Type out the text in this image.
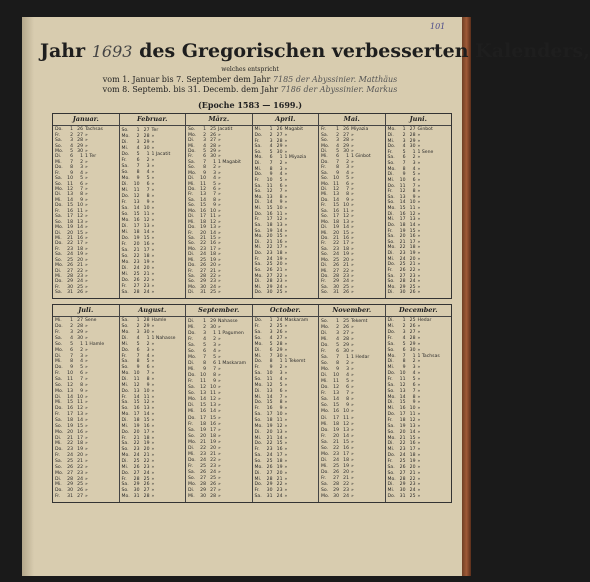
101
Jahr 1693 des Gregorischen verbesserten Kalenders,
welches entspricht
vom 1. Januar bis 7. September dem Jahr 7185 der Abyssinier. Matthäus
vom 8. Septemb. bis 31. Decemb. dem Jahr 7186 der Abyssinier. Markus
(Epoche 1583 — 1699.)
Januar.
Do.	1 26 Tachsas
Fr.	2 27 »
Sa.	3 28 »
So.	4 29 »
Mo.	5 30 »
Di.	6	1 1 Ter
Mi.	7	2 »
Do.	8	3 »
Fr.	9	4 »
Sa.	10	5 »
So.	11	6 »
Mo. 12	7 »
Di.	13	8 »
Mi.	14	9 »
Do. 15 10 »
Fr.	16 11 »
Sa.	17 12 »
So.	18 13 »
Mo. 19 14 »
Di.	20 15 »
Mi.	21 16 »
Do. 22 17 »
Fr.	23 18 »
Sa.	24 19 »
So.	25 20 »
Mo. 26 21 »
Di.	27 22 »
Mi.	28 23 »
Do. 29 24 »
Fr.	30 25 »
Sa.	31 26 »
Februar.
So.	1 27 Ter
Mo.	2 28 »
Di.	3 29 »
Mi.	4 30 »
Do.	5	1 1 Jacatit
Fr.	6	2 »
Sa.	7	3 »
So.	8	4 »
Mo.	9	5 »
Di.	10	6 »
Mi.	11	7 »
Do. 12	8 »
Fr.	13	9 »
Sa.	14 10 »
So.	15 11 »
Mo. 16 12 »
Di.	17 13 »
Mi.	18 14 »
Do. 19 15 »
Fr.	20 16 »
Sa.	21 17 »
So.	22 18 »
Mo. 23 19 »
Di.	24 20 »
Mi.	25 21 »
Do. 26 22 »
Fr.	27 23 »
Sa.	28 24 »
März.
So.	1 25 Jacatit
Mo.	2 26 »
Di.	3 27 »
Mi.	4 28 »
Do.	5 29 »
Fr.	6 30 »
Sa.	7	1 1 Magabit
So.	8	2 »
Mo.	9	3 »
Di.	10	4 »
Mi.	11	5 »
Do. 12	6 »
Fr.	13	7 »
Sa.	14	8 »
So.	15	9 »
Mo. 16 10 »
Di.	17 11 »
Mi.	18 12 »
Do. 19 13 »
Fr.	20 14 »
Sa.	21 15 »
So.	22 16 »
Mo. 23 17 »
Di.	24 18 »
Mi.	25 19 »
Do. 26 20 »
Fr.	27 21 »
Sa.	28 22 »
So.	29 23 »
Mo. 30 24 »
Di.	31 25 »
April.
Mi.	1 26 Magabit
Do.	2 27 »
Fr.	3 28 »
Sa.	4 29 »
So.	5 30 »
Mo.	6	1 1 Miyazia
Di.	7	2 »
Mi.	8	3 »
Do.	9	4 »
Fr.	10	5 »
Sa.	11	6 »
So.	12	7 »
Mo. 13	8 »
Di.	14	9 »
Mi.	15 10 »
Do. 16 11 »
Fr.	17 12 »
Sa.	18 13 »
So.	19 14 »
Mo. 20 15 »
Di.	21 16 »
Mi.	22 17 »
Do. 23 18 »
Fr.	24 19 »
Sa.	25 20 »
So.	26 21 »
Mo. 27 22 »
Di.	28 23 »
Mi.	29 24 »
Do. 30 25 »
Mai.
Fr.	1 26 Miyazia
Sa.	2 27 »
So.	3 28 »
Mo.	4 29 »
Di.	5 30 »
Mi.	6	1 1 Ginbot
Do.	7	2 »
Fr.	8	3 »
Sa.	9	4 »
So.	10	5 »
Mo. 11	6 »
Di.	12	7 »
Mi.	13	8 »
Do. 14	9 »
Fr.	15 10 »
Sa.	16 11 »
So.	17 12 »
Mo. 18 13 »
Di.	19 14 »
Mi.	20 15 »
Do. 21 16 »
Fr.	22 17 »
Sa.	23 18 »
So.	24 19 »
Mo. 25 20 »
Di.	26 21 »
Mi.	27 22 »
Do. 28 23 »
Fr.	29 24 »
Sa.	30 25 »
So.	31 26 »
Juni.
Mo.	1 27 Ginbot
Di.	2 28 »
Mi.	3 29 »
Do.	4 30 »
Fr.	5	1 1 Sene
Sa.	6	2 »
So.	7	3 »
Mo.	8	4 »
Di.	9	5 »
Mi.	10	6 »
Do. 11	7 »
Fr.	12	8 »
Sa.	13	9 »
So.	14 10 »
Mo. 15 11 »
Di.	16 12 »
Mi.	17 13 »
Do. 18 14 »
Fr.	19 15 »
Sa.	20 16 »
So.	21 17 »
Mo. 22 18 »
Di.	23 19 »
Mi.	24 20 »
Do. 25 21 »
Fr.	26 22 »
Sa.	27 23 »
So.	28 24 »
Mo. 29 25 »
Di.	30 26 »
Juli.
Mi.	1 27 Sene
Do.	2 28 »
Fr.	3 29 »
Sa.	4 30 »
So.	5	1 1 Hamle
Mo.	6	2 »
Di.	7	3 »
Mi.	8	4 »
Do.	9	5 »
Fr.	10	6 »
Sa.	11	7 »
So.	12	8 »
Mo. 13	9 »
Di.	14 10 »
Mi.	15 11 »
Do. 16 12 »
Fr.	17 13 »
Sa.	18 14 »
So.	19 15 »
Mo. 20 16 »
Di.	21 17 »
Mi.	22 18 »
Do. 23 19 »
Fr.	24 20 »
Sa.	25 21 »
So.	26 22 »
Mo. 27 23 »
Di.	28 24 »
Mi.	29 25 »
Do. 30 26 »
Fr.	31 27 »
August.
Sa.	1 28 Hamle
So.	2 29 »
Mo.	3 30 »
Di.	4	1 1 Nahasse
Mi.	5	2 »
Do.	6	3 »
Fr.	7	4 »
Sa.	8	5 »
So.	9	6 »
Mo. 10	7 »
Di.	11	8 »
Mi.	12	9 »
Do. 13 10 »
Fr.	14 11 »
Sa.	15 12 »
So.	16 13 »
Mo. 17 14 »
Di.	18 15 »
Mi.	19 16 »
Do. 20 17 »
Fr.	21 18 »
Sa.	22 19 »
So.	23 20 »
Mo. 24 21 »
Di.	25 22 »
Mi.	26 23 »
Do. 27 24 »
Fr.	28 25 »
Sa.	29 26 »
So.	30 27 »
Mo. 31 28 »
September.
Di.	1 29 Nahasse
Mi.	2 30 »
Do.	3	1 1 Pagumen
Fr.	4	2 »
Sa.	5	3 »
So.	6	4 »
Mo.	7	5 »
Di.	8	6 1 Maskaram
Mi.	9	7 »
Do. 10	8 »
Fr.	11	9 »
Sa.	12 10 »
So.	13 11 »
Mo. 14 12 »
Di.	15 13 »
Mi.	16 14 »
Do. 17 15 »
Fr.	18 16 »
Sa.	19 17 »
So.	20 18 »
Mo. 21 19 »
Di.	22 20 »
Mi.	23 21 »
Do. 24 22 »
Fr.	25 23 »
Sa.	26 24 »
So.	27 25 »
Mo. 28 26 »
Di.	29 27 »
Mi.	30 28 »
October.
Do.	1 24 Maskaram
Fr.	2 25 »
Sa.	3 26 »
So.	4 27 »
Mo.	5 28 »
Di.	6 29 »
Mi.	7 30 »
Do.	8	1 1 Tekemt
Fr.	9	2 »
Sa.	10	3 »
So.	11	4 »
Mo. 12	5 »
Di.	13	6 »
Mi.	14	7 »
Do. 15	8 »
Fr.	16	9 »
Sa.	17 10 »
So.	18 11 »
Mo. 19 12 »
Di.	20 13 »
Mi.	21 14 »
Do. 22 15 »
Fr.	23 16 »
Sa.	24 17 »
So.	25 18 »
Mo. 26 19 »
Di.	27 20 »
Mi.	28 21 »
Do. 29 22 »
Fr.	30 23 »
Sa.	31 24 »
November.
So.	1 25 Tekemt
Mo.	2 26 »
Di.	3 27 »
Mi.	4 28 »
Do.	5 29 »
Fr.	6 30 »
Sa.	7	1 1 Hedar
So.	8	2 »
Mo.	9	3 »
Di.	10	4 »
Mi.	11	5 »
Do. 12	6 »
Fr.	13	7 »
Sa.	14	8 »
So.	15	9 »
Mo. 16 10 »
Di.	17 11 »
Mi.	18 12 »
Do. 19 13 »
Fr.	20 14 »
Sa.	21 15 »
So.	22 16 »
Mo. 23 17 »
Di.	24 18 »
Mi.	25 19 »
Do. 26 20 »
Fr.	27 21 »
Sa.	28 22 »
So.	29 23 »
Mo. 30 24 »
December.
Di.	1 25 Hedar
Mi.	2 26 »
Do.	3 27 »
Fr.	4 28 »
Sa.	5 29 »
So.	6 30 »
Mo.	7	1 1 Tachsas
Di.	8	2 »
Mi.	9	3 »
Do. 10	4 »
Fr.	11	5 »
Sa.	12	6 »
So.	13	7 »
Mo. 14	8 »
Di.	15	9 »
Mi.	16 10 »
Do. 17 11 »
Fr.	18 12 »
Sa.	19 13 »
So.	20 14 »
Mo. 21 15 »
Di.	22 16 »
Mi.	23 17 »
Do. 24 18 »
Fr.	25 19 »
Sa.	26 20 »
So.	27 21 »
Mo. 28 22 »
Di.	29 23 »
Mi.	30 24 »
Do. 31 25 »
